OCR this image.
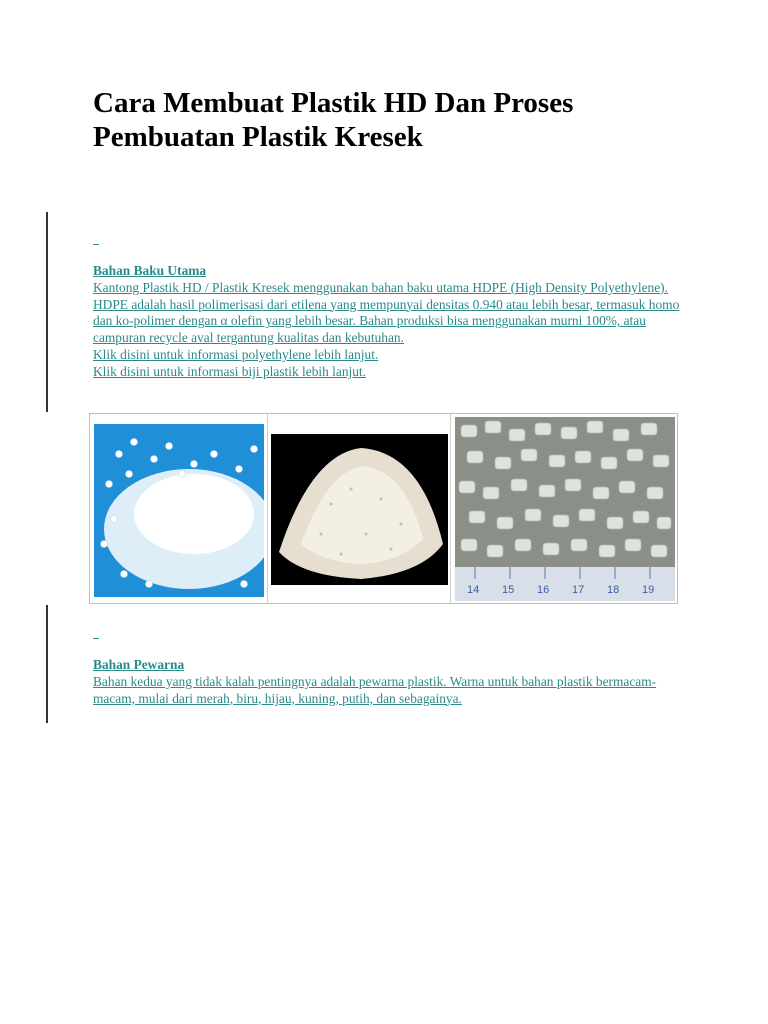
Cara Membuat Plastik HD Dan Proses Pembuatan Plastik Kresek
Bahan Baku Utama
Kantong Plastik HD / Plastik Kresek menggunakan bahan baku utama HDPE (High Density Polyethylene). HDPE adalah hasil polimerisasi dari etilena yang mempunyai densitas 0.940 atau lebih besar, termasuk homo dan ko-polimer dengan α olefin yang lebih besar. Bahan produksi bisa menggunakan murni 100%, atau campuran recycle aval tergantung kualitas dan kebutuhan.
Klik disini untuk informasi polyethylene lebih lanjut.
Klik disini untuk informasi biji plastik lebih lanjut.
14 15 16 17 18 19
Bahan Pewarna
Bahan kedua yang tidak kalah pentingnya adalah pewarna plastik. Warna untuk bahan plastik bermacam-macam, mulai dari merah, biru, hijau, kuning, putih, dan sebagainya.
